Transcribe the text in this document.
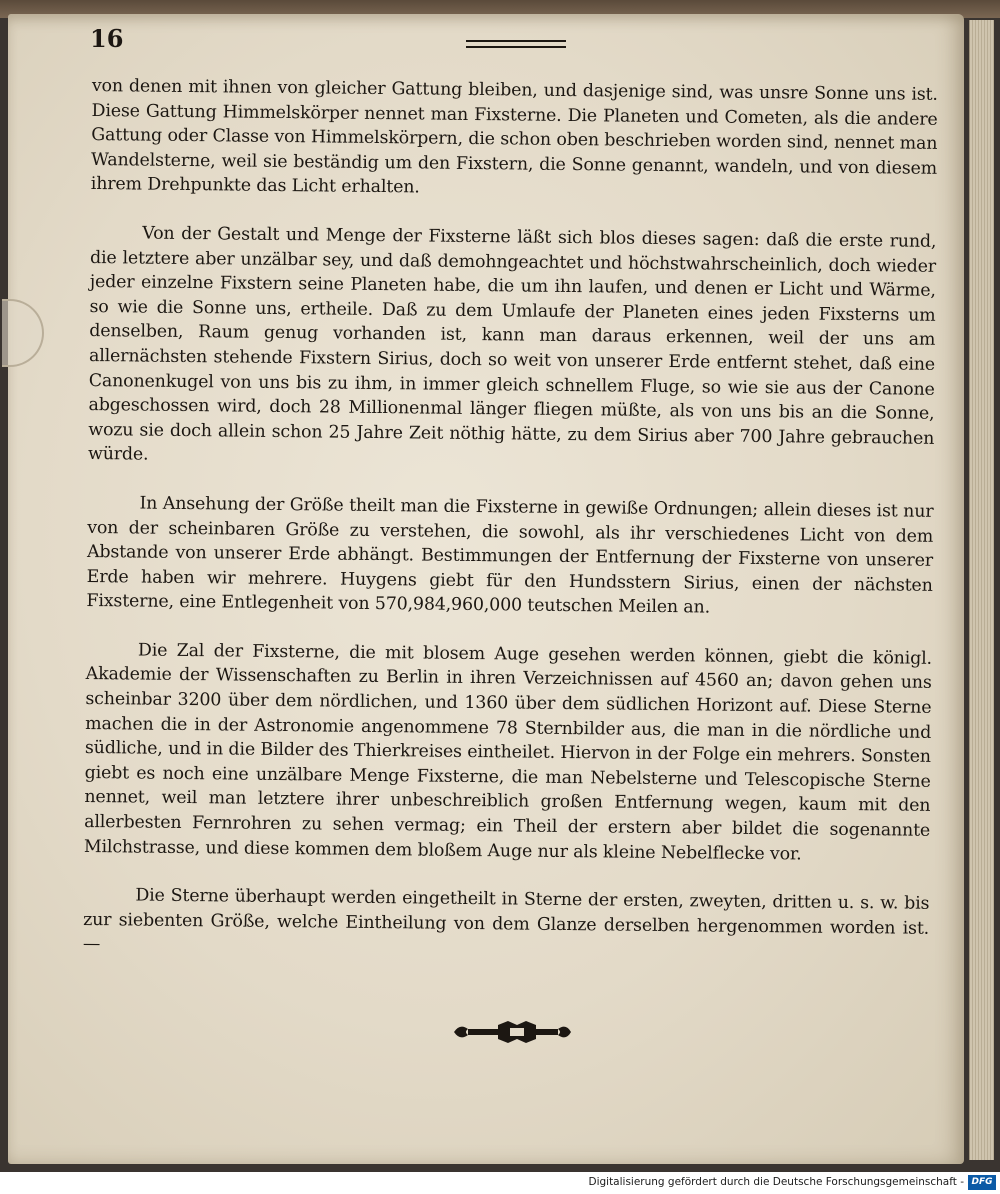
16

von denen mit ihnen von gleicher Gattung bleiben, und dasjenige sind, was unsre Sonne uns ist. Diese Gattung Himmelskörper nennet man Fixsterne. Die Planeten und Cometen, als die andere Gattung oder Classe von Himmelskörpern, die schon oben beschrieben worden sind, nennet man Wandelsterne, weil sie beständig um den Fixstern, die Sonne genannt, wandeln, und von diesem ihrem Drehpunkte das Licht erhalten.

Von der Gestalt und Menge der Fixsterne läßt sich blos dieses sagen: daß die erste rund, die letztere aber unzälbar sey, und daß demohngeachtet und höchstwahrscheinlich, doch wieder jeder einzelne Fixstern seine Planeten habe, die um ihn laufen, und denen er Licht und Wärme, so wie die Sonne uns, ertheile. Daß zu dem Umlaufe der Planeten eines jeden Fixsterns um denselben, Raum genug vorhanden ist, kann man daraus erkennen, weil der uns am allernächsten stehende Fixstern Sirius, doch so weit von unserer Erde entfernt stehet, daß eine Canonenkugel von uns bis zu ihm, in immer gleich schnellem Fluge, so wie sie aus der Canone abgeschossen wird, doch 28 Millionenmal länger fliegen müßte, als von uns bis an die Sonne, wozu sie doch allein schon 25 Jahre Zeit nöthig hätte, zu dem Sirius aber 700 Jahre gebrauchen würde.

In Ansehung der Größe theilt man die Fixsterne in gewiße Ordnungen; allein dieses ist nur von der scheinbaren Größe zu verstehen, die sowohl, als ihr verschiedenes Licht von dem Abstande von unserer Erde abhängt. Bestimmungen der Entfernung der Fixsterne von unserer Erde haben wir mehrere. Huygens giebt für den Hundsstern Sirius, einen der nächsten Fixsterne, eine Entlegenheit von 570,984,960,000 teutschen Meilen an.

Die Zal der Fixsterne, die mit blosem Auge gesehen werden können, giebt die königl. Akademie der Wissenschaften zu Berlin in ihren Verzeichnissen auf 4560 an; davon gehen uns scheinbar 3200 über dem nördlichen, und 1360 über dem südlichen Horizont auf. Diese Sterne machen die in der Astronomie angenommene 78 Sternbilder aus, die man in die nördliche und südliche, und in die Bilder des Thierkreises eintheilet. Hiervon in der Folge ein mehrers. Sonsten giebt es noch eine unzälbare Menge Fixsterne, die man Nebelsterne und Telescopische Sterne nennet, weil man letztere ihrer unbeschreiblich großen Entfernung wegen, kaum mit den allerbesten Fernrohren zu sehen vermag; ein Theil der erstern aber bildet die sogenannte Milchstrasse, und diese kommen dem bloßem Auge nur als kleine Nebelflecke vor.

Die Sterne überhaupt werden eingetheilt in Sterne der ersten, zweyten, dritten u. s. w. bis zur siebenten Größe, welche Eintheilung von dem Glanze derselben hergenommen worden ist. —

Digitalisierung gefördert durch die Deutsche Forschungsgemeinschaft - DFG
